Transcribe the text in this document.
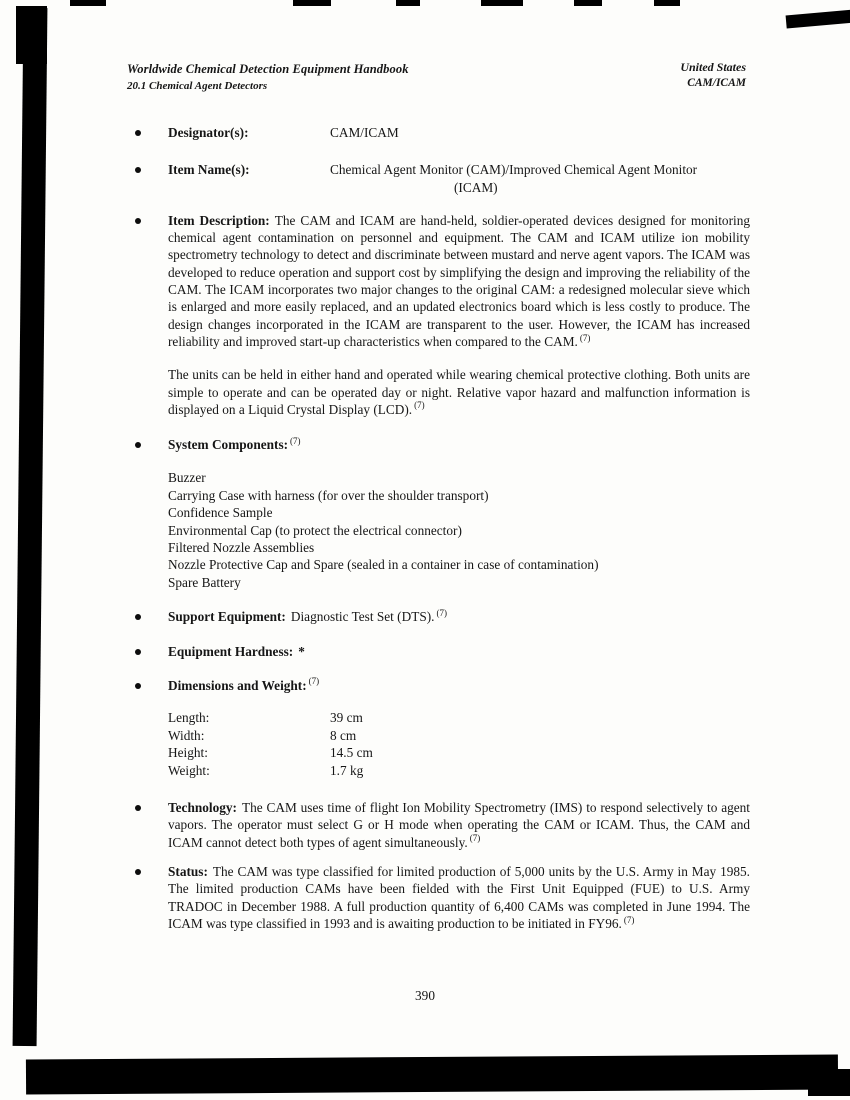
Worldwide Chemical Detection Equipment Handbook
20.1 Chemical Agent Detectors
United States
CAM/ICAM
Designator(s):	CAM/ICAM
Item Name(s):	Chemical Agent Monitor (CAM)/Improved Chemical Agent Monitor
(ICAM)
Item Description: The CAM and ICAM are hand-held, soldier-operated devices designed for monitoring chemical agent contamination on personnel and equipment. The CAM and ICAM utilize ion mobility spectrometry technology to detect and discriminate between mustard and nerve agent vapors. The ICAM was developed to reduce operation and support cost by simplifying the design and improving the reliability of the CAM. The ICAM incorporates two major changes to the original CAM: a redesigned molecular sieve which is enlarged and more easily replaced, and an updated electronics board which is less costly to produce. The design changes incorporated in the ICAM are transparent to the user. However, the ICAM has increased reliability and improved start-up characteristics when compared to the CAM. $^{(7)}$
The units can be held in either hand and operated while wearing chemical protective clothing. Both units are simple to operate and can be operated day or night. Relative vapor hazard and malfunction information is displayed on a Liquid Crystal Display (LCD). $^{(7)}$
System Components: $^{(7)}$
Buzzer
Carrying Case with harness (for over the shoulder transport)
Confidence Sample
Environmental Cap (to protect the electrical connector)
Filtered Nozzle Assemblies
Nozzle Protective Cap and Spare (sealed in a container in case of contamination)
Spare Battery
Support Equipment: Diagnostic Test Set (DTS). $^{(7)}$
Equipment Hardness: *
Dimensions and Weight: $^{(7)}$
Length:	39 cm
Width:	8 cm
Height:	14.5 cm
Weight:	1.7 kg
Technology: The CAM uses time of flight Ion Mobility Spectrometry (IMS) to respond selectively to agent vapors. The operator must select G or H mode when operating the CAM or ICAM. Thus, the CAM and ICAM cannot detect both types of agent simultaneously. $^{(7)}$
Status: The CAM was type classified for limited production of 5,000 units by the U.S. Army in May 1985. The limited production CAMs have been fielded with the First Unit Equipped (FUE) to U.S. Army TRADOC in December 1988. A full production quantity of 6,400 CAMs was completed in June 1994. The ICAM was type classified in 1993 and is awaiting production to be initiated in FY96. $^{(7)}$
390
